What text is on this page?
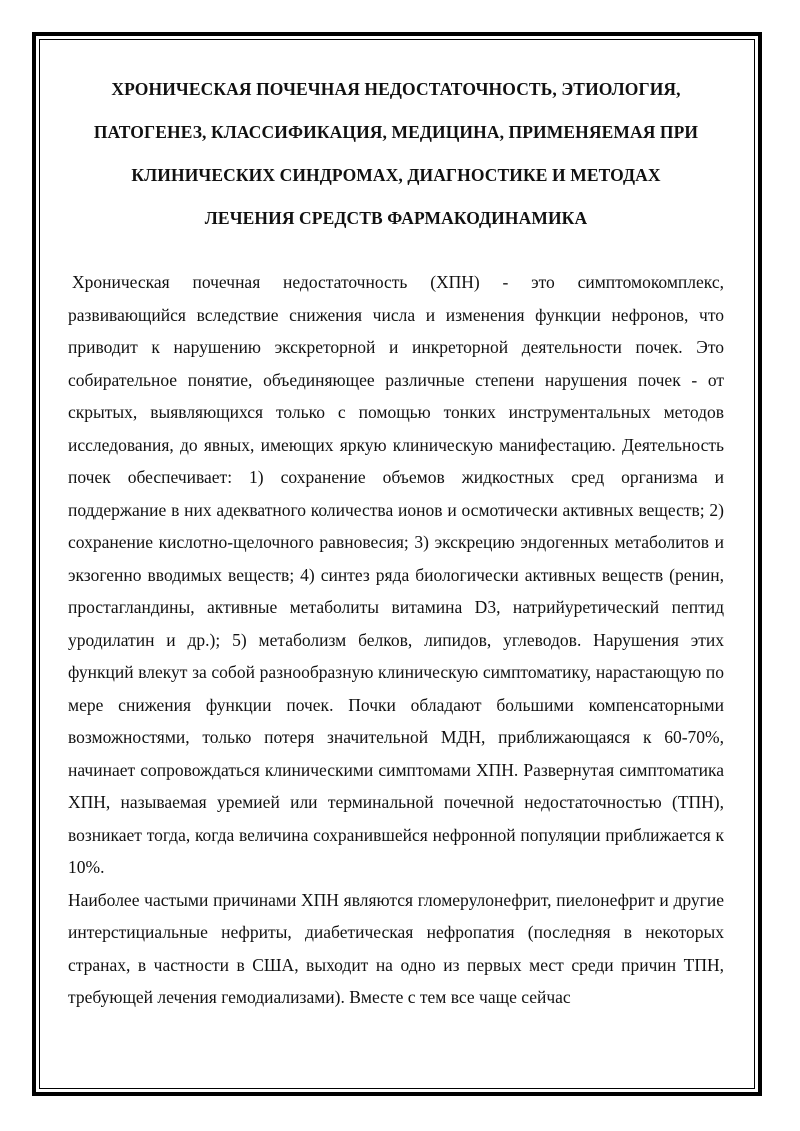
ХРОНИЧЕСКАЯ ПОЧЕЧНАЯ НЕДОСТАТОЧНОСТЬ, ЭТИОЛОГИЯ,
ПАТОГЕНЕЗ, КЛАССИФИКАЦИЯ, МЕДИЦИНА, ПРИМЕНЯЕМАЯ ПРИ
КЛИНИЧЕСКИХ СИНДРОМАХ, ДИАГНОСТИКЕ И МЕТОДАХ
ЛЕЧЕНИЯ СРЕДСТВ ФАРМАКОДИНАМИКА

Хроническая почечная недостаточность (ХПН) - это симптомокомплекс, развивающийся вследствие снижения числа и изменения функции нефронов, что приводит к нарушению экскреторной и инкреторной деятельности почек. Это собирательное понятие, объединяющее различные степени нарушения почек - от скрытых, выявляющихся только с помощью тонких инструментальных методов исследования, до явных, имеющих яркую клиническую манифестацию. Деятельность почек обеспечивает: 1) сохранение объемов жидкостных сред организма и поддержание в них адекватного количества ионов и осмотически активных веществ; 2) сохранение кислотно-щелочного равновесия; 3) экскрецию эндогенных метаболитов и экзогенно вводимых веществ; 4) синтез ряда биологически активных веществ (ренин, простагландины, активные метаболиты витамина D3, натрийуретический пептид уродилатин и др.); 5) метаболизм белков, липидов, углеводов. Нарушения этих функций влекут за собой разнообразную клиническую симптоматику, нарастающую по мере снижения функции почек. Почки обладают большими компенсаторными возможностями, только потеря значительной МДН, приближающаяся к 60-70%, начинает сопровождаться клиническими симптомами ХПН. Развернутая симптоматика ХПН, называемая уремией или терминальной почечной недостаточностью (ТПН), возникает тогда, когда величина сохранившейся нефронной популяции приближается к 10%.

Наиболее частыми причинами ХПН являются гломерулонефрит, пиелонефрит и другие интерстициальные нефриты, диабетическая нефропатия (последняя в некоторых странах, в частности в США, выходит на одно из первых мест среди причин ТПН, требующей лечения гемодиализами). Вместе с тем все чаще сейчас
